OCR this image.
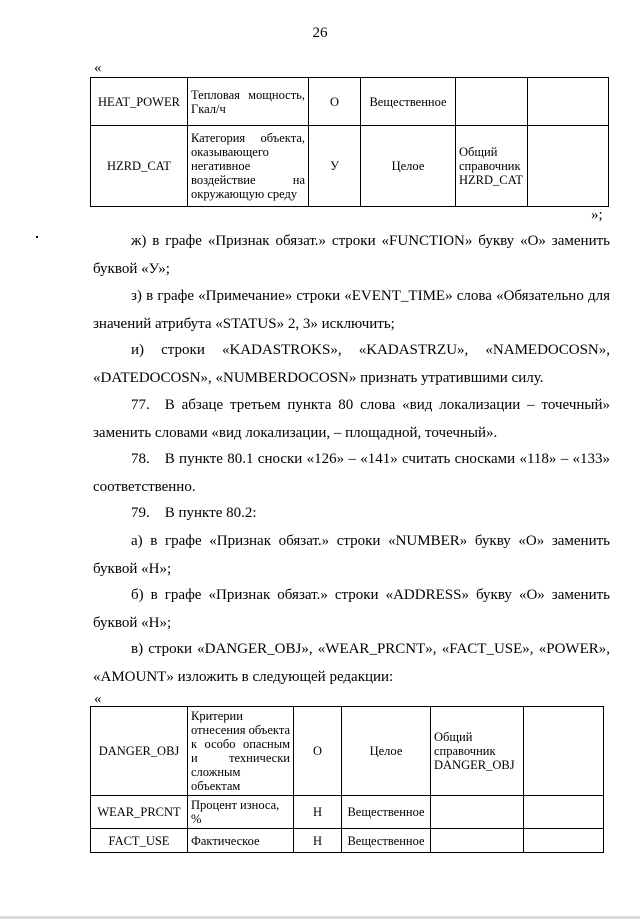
26
«
HEAT_POWER	Тепловая мощность, Гкал/ч	О	Вещественное		
HZRD_CAT	Категория объекта, оказывающего негативное воздействие на окружающую среду	У	Целое	Общий справочник HZRD_CAT	
»;

ж) в графе «Признак обязат.» строки «FUNCTION» букву «О» заменить буквой «У»;

з) в графе «Примечание» строки «EVENT_TIME» слова «Обязательно для значений атрибута «STATUS» 2, 3» исключить;

и) строки «KADASTROKS», «KADASTRZU», «NAMEDOCOSN», «DATEDOCOSN», «NUMBERDOCOSN» признать утратившими силу.

77. В абзаце третьем пункта 80 слова «вид локализации – точечный» заменить словами «вид локализации, – площадной, точечный».

78. В пункте 80.1 сноски «126» – «141» считать сносками «118» – «133» соответственно.

79. В пункте 80.2:

а) в графе «Признак обязат.» строки «NUMBER» букву «О» заменить буквой «Н»;

б) в графе «Признак обязат.» строки «ADDRESS» букву «О» заменить буквой «Н»;

в) строки «DANGER_OBJ», «WEAR_PRCNT», «FACT_USE», «POWER», «AMOUNT» изложить в следующей редакции:

«
DANGER_OBJ	Критерии отнесения объекта к особо опасным и технически сложным объектам	О	Целое	Общий справочник DANGER_OBJ	
WEAR_PRCNT	Процент износа, %	Н	Вещественное		
FACT_USE	Фактическое	Н	Вещественное		
